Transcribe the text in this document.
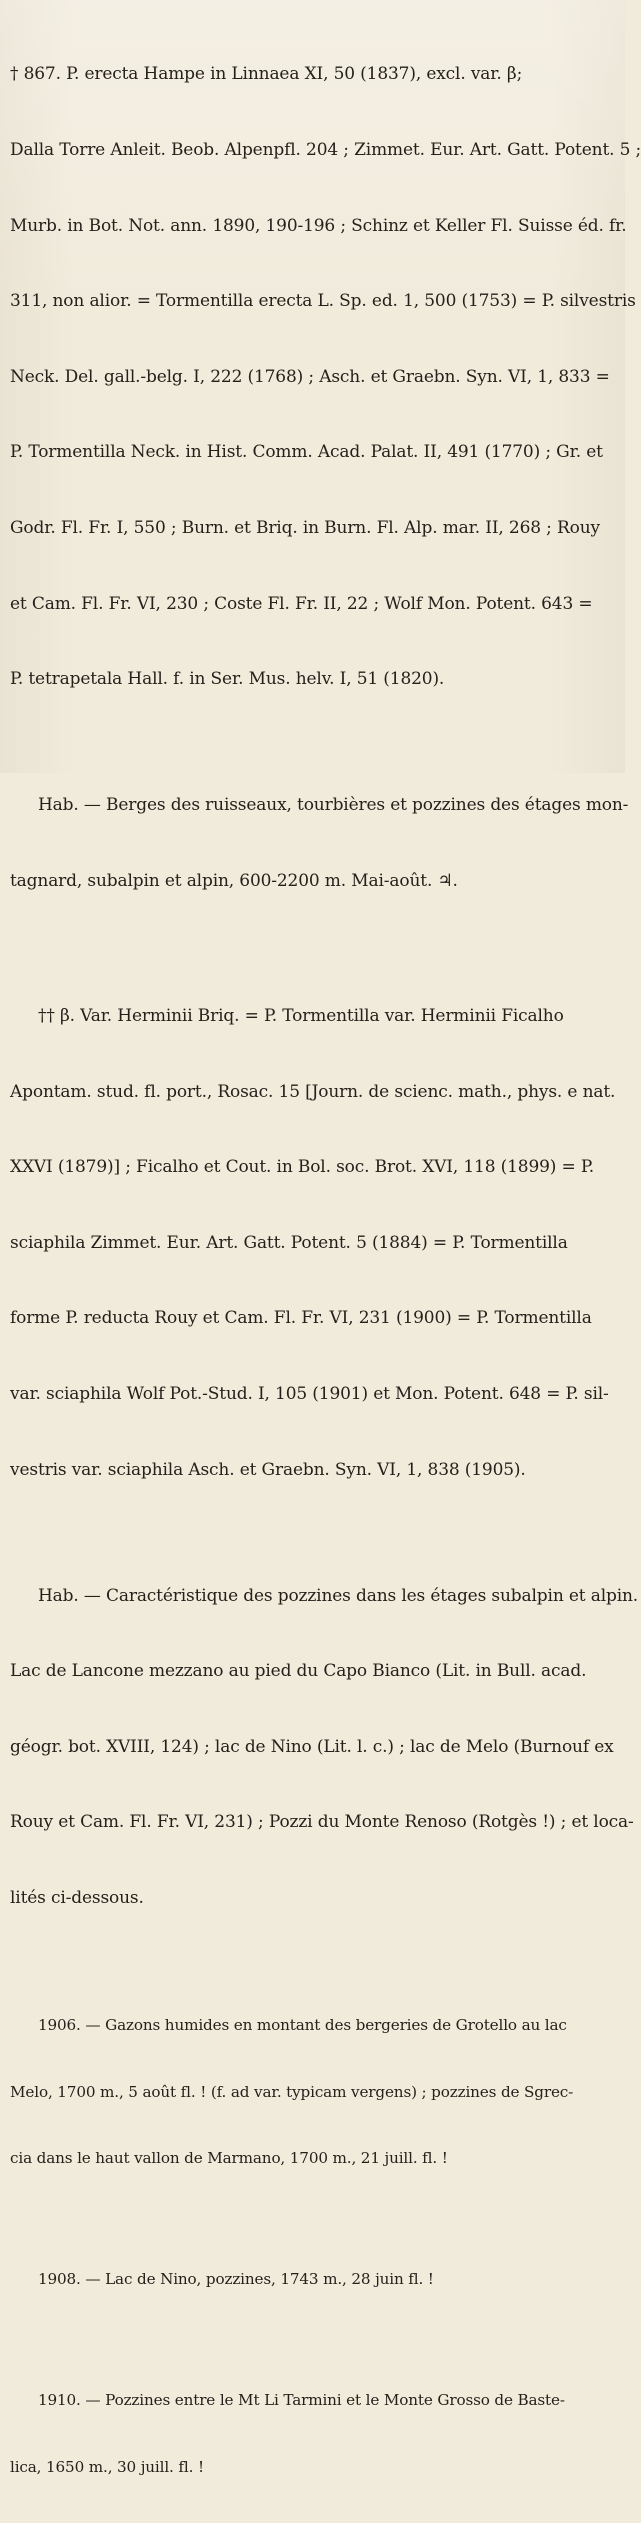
† 867. P. erecta Hampe in Linnaea XI, 50 (1837), excl. var. β;

Dalla Torre Anleit. Beob. Alpenpfl. 204 ; Zimmet. Eur. Art. Gatt. Potent. 5 ;

Murb. in Bot. Not. ann. 1890, 190-196 ; Schinz et Keller Fl. Suisse éd. fr.

311, non alior. = Tormentilla erecta L. Sp. ed. 1, 500 (1753) = P. silvestris

Neck. Del. gall.-belg. I, 222 (1768) ; Asch. et Graebn. Syn. VI, 1, 833 =

P. Tormentilla Neck. in Hist. Comm. Acad. Palat. II, 491 (1770) ; Gr. et

Godr. Fl. Fr. I, 550 ; Burn. et Briq. in Burn. Fl. Alp. mar. II, 268 ; Rouy

et Cam. Fl. Fr. VI, 230 ; Coste Fl. Fr. II, 22 ; Wolf Mon. Potent. 643 =

P. tetrapetala Hall. f. in Ser. Mus. helv. I, 51 (1820).

Hab. — Berges des ruisseaux, tourbières et pozzines des étages mon-

tagnard, subalpin et alpin, 600-2200 m. Mai-août. ♃.

†† β. Var. Herminii Briq. = P. Tormentilla var. Herminii Ficalho

Apontam. stud. fl. port., Rosac. 15 [Journ. de scienc. math., phys. e nat.

XXVI (1879)] ; Ficalho et Cout. in Bol. soc. Brot. XVI, 118 (1899) = P.

sciaphila Zimmet. Eur. Art. Gatt. Potent. 5 (1884) = P. Tormentilla

forme P. reducta Rouy et Cam. Fl. Fr. VI, 231 (1900) = P. Tormentilla

var. sciaphila Wolf Pot.-Stud. I, 105 (1901) et Mon. Potent. 648 = P. sil-

vestris var. sciaphila Asch. et Graebn. Syn. VI, 1, 838 (1905).

Hab. — Caractéristique des pozzines dans les étages subalpin et alpin.

Lac de Lancone mezzano au pied du Capo Bianco (Lit. in Bull. acad.

géogr. bot. XVIII, 124) ; lac de Nino (Lit. l. c.) ; lac de Melo (Burnouf ex

Rouy et Cam. Fl. Fr. VI, 231) ; Pozzi du Monte Renoso (Rotgès !) ; et loca-

lités ci-dessous.

1906. — Gazons humides en montant des bergeries de Grotello au lac

Melo, 1700 m., 5 août fl. ! (f. ad var. typicam vergens) ; pozzines de Sgrec-

cia dans le haut vallon de Marmano, 1700 m., 21 juill. fl. !

1908. — Lac de Nino, pozzines, 1743 m., 28 juin fl. !

1910. — Pozzines entre le Mt Li Tarmini et le Monte Grosso de Baste-

lica, 1650 m., 30 juill. fl. !
